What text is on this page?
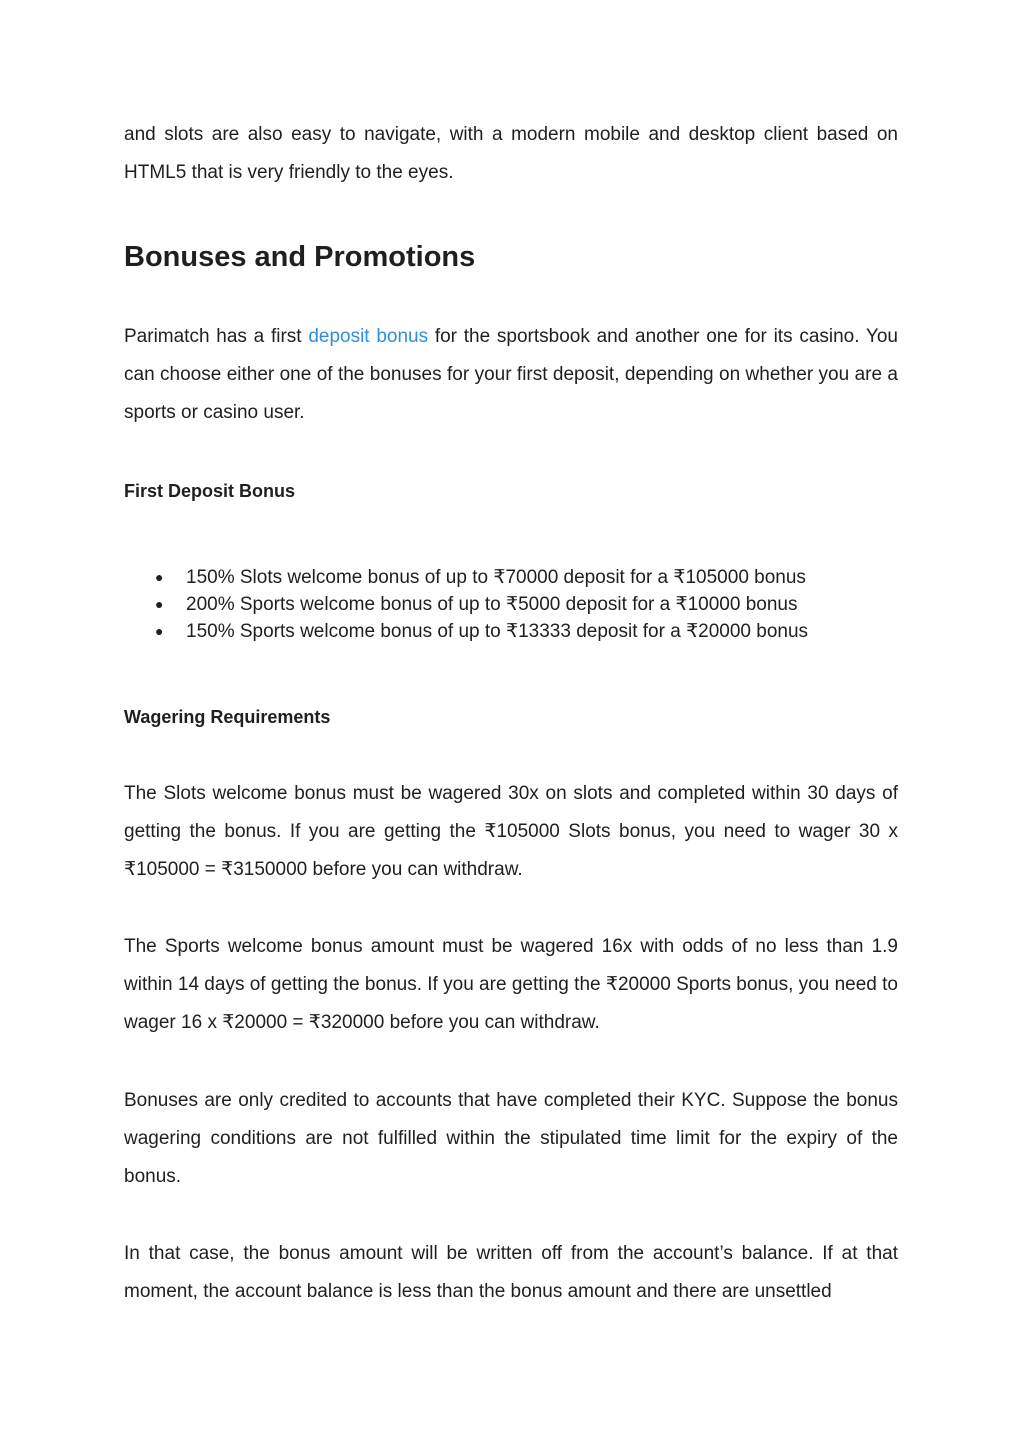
and slots are also easy to navigate, with a modern mobile and desktop client based on HTML5 that is very friendly to the eyes.

Bonuses and Promotions

Parimatch has a first deposit bonus for the sportsbook and another one for its casino. You can choose either one of the bonuses for your first deposit, depending on whether you are a sports or casino user.

First Deposit Bonus
● 150% Slots welcome bonus of up to ₹70000 deposit for a ₹105000 bonus
● 200% Sports welcome bonus of up to ₹5000 deposit for a ₹10000 bonus
● 150% Sports welcome bonus of up to ₹13333 deposit for a ₹20000 bonus
Wagering Requirements

The Slots welcome bonus must be wagered 30x on slots and completed within 30 days of getting the bonus. If you are getting the ₹105000 Slots bonus, you need to wager 30 x ₹105000 = ₹3150000 before you can withdraw.

The Sports welcome bonus amount must be wagered 16x with odds of no less than 1.9 within 14 days of getting the bonus. If you are getting the ₹20000 Sports bonus, you need to wager 16 x ₹20000 = ₹320000 before you can withdraw.

Bonuses are only credited to accounts that have completed their KYC. Suppose the bonus wagering conditions are not fulfilled within the stipulated time limit for the expiry of the bonus.

In that case, the bonus amount will be written off from the account’s balance. If at that moment, the account balance is less than the bonus amount and there are unsettled
